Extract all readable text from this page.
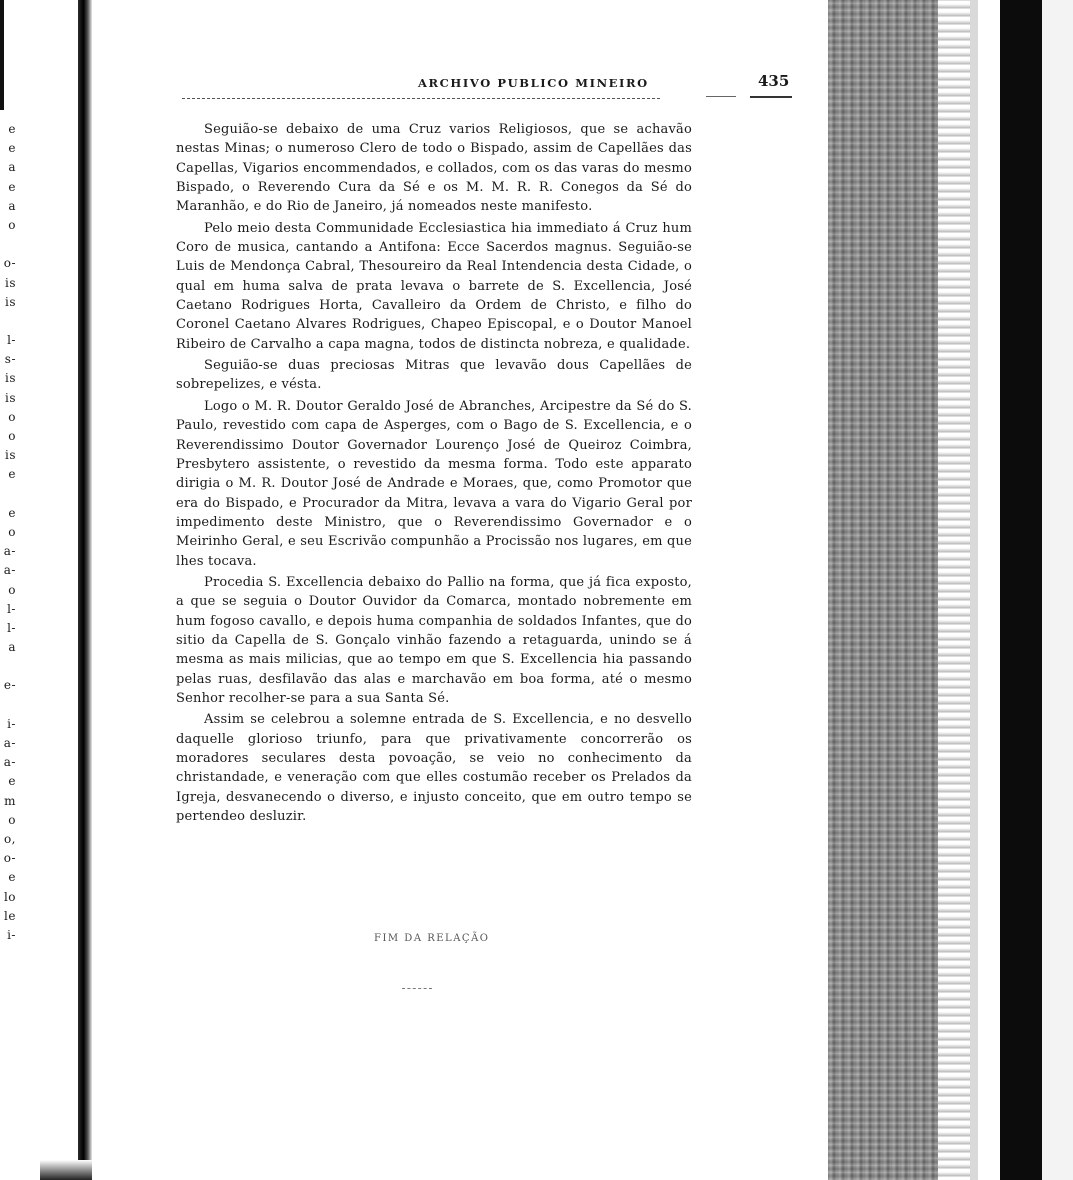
e
e
a
e
a
o
o-
is
is
l-
s-
is
is
o
o
is
e
e
o
a-
a-
o
l-
l-
a
e-
i-
a-
a-
e
m
o
o,
o-
e
lo
le
i-
ARCHIVO PUBLICO MINEIRO	435

Seguião-se debaixo de uma Cruz varios Religiosos, que se achavão nestas Minas; o numeroso Clero de todo o Bispado, assim de Capellães das Capellas, Vigarios encommendados, e collados, com os das varas do mesmo Bispado, o Reverendo Cura da Sé e os M. M. R. R. Conegos da Sé do Maranhão, e do Rio de Janeiro, já nomeados neste manifesto.

Pelo meio desta Communidade Ecclesiastica hia immediato á Cruz hum Coro de musica, cantando a Antifona: Ecce Sacerdos magnus. Seguião-se Luis de Mendonça Cabral, Thesoureiro da Real Intendencia desta Cidade, o qual em huma salva de prata levava o barrete de S. Excellencia, José Caetano Rodrigues Horta, Cavalleiro da Ordem de Christo, e filho do Coronel Caetano Alvares Rodrigues, Chapeo Episcopal, e o Doutor Manoel Ribeiro de Carvalho a capa magna, todos de distincta nobreza, e qualidade.

Seguião-se duas preciosas Mitras que levavão dous Capellães de sobrepelizes, e vésta.

Logo o M. R. Doutor Geraldo José de Abranches, Arcipestre da Sé do S. Paulo, revestido com capa de Asperges, com o Bago de S. Excellencia, e o Reverendissimo Doutor Governador Lourenço José de Queiroz Coimbra, Presbytero assistente, o revestido da mesma forma. Todo este apparato dirigia o M. R. Doutor José de Andrade e Moraes, que, como Promotor que era do Bispado, e Procurador da Mitra, levava a vara do Vigario Geral por impedimento deste Ministro, que o Reverendissimo Governador e o Meirinho Geral, e seu Escrivão compunhão a Procissão nos lugares, em que lhes tocava.

Procedia S. Excellencia debaixo do Pallio na forma, que já fica exposto, a que se seguia o Doutor Ouvidor da Comarca, montado nobremente em hum fogoso cavallo, e depois huma companhia de soldados Infantes, que do sitio da Capella de S. Gonçalo vinhão fazendo a retaguarda, unindo se á mesma as mais milicias, que ao tempo em que S. Excellencia hia passando pelas ruas, desfilavão das alas e marchavão em boa forma, até o mesmo Senhor recolher-se para a sua Santa Sé.

Assim se celebrou a solemne entrada de S. Excellencia, e no desvello daquelle glorioso triunfo, para que privativamente concorrerão os moradores seculares desta povoação, se veio no conhecimento da christandade, e veneração com que elles costumão receber os Prelados da Igreja, desvanecendo o diverso, e injusto conceito, que em outro tempo se pertendeo desluzir.

FIM DA RELAÇÃO
